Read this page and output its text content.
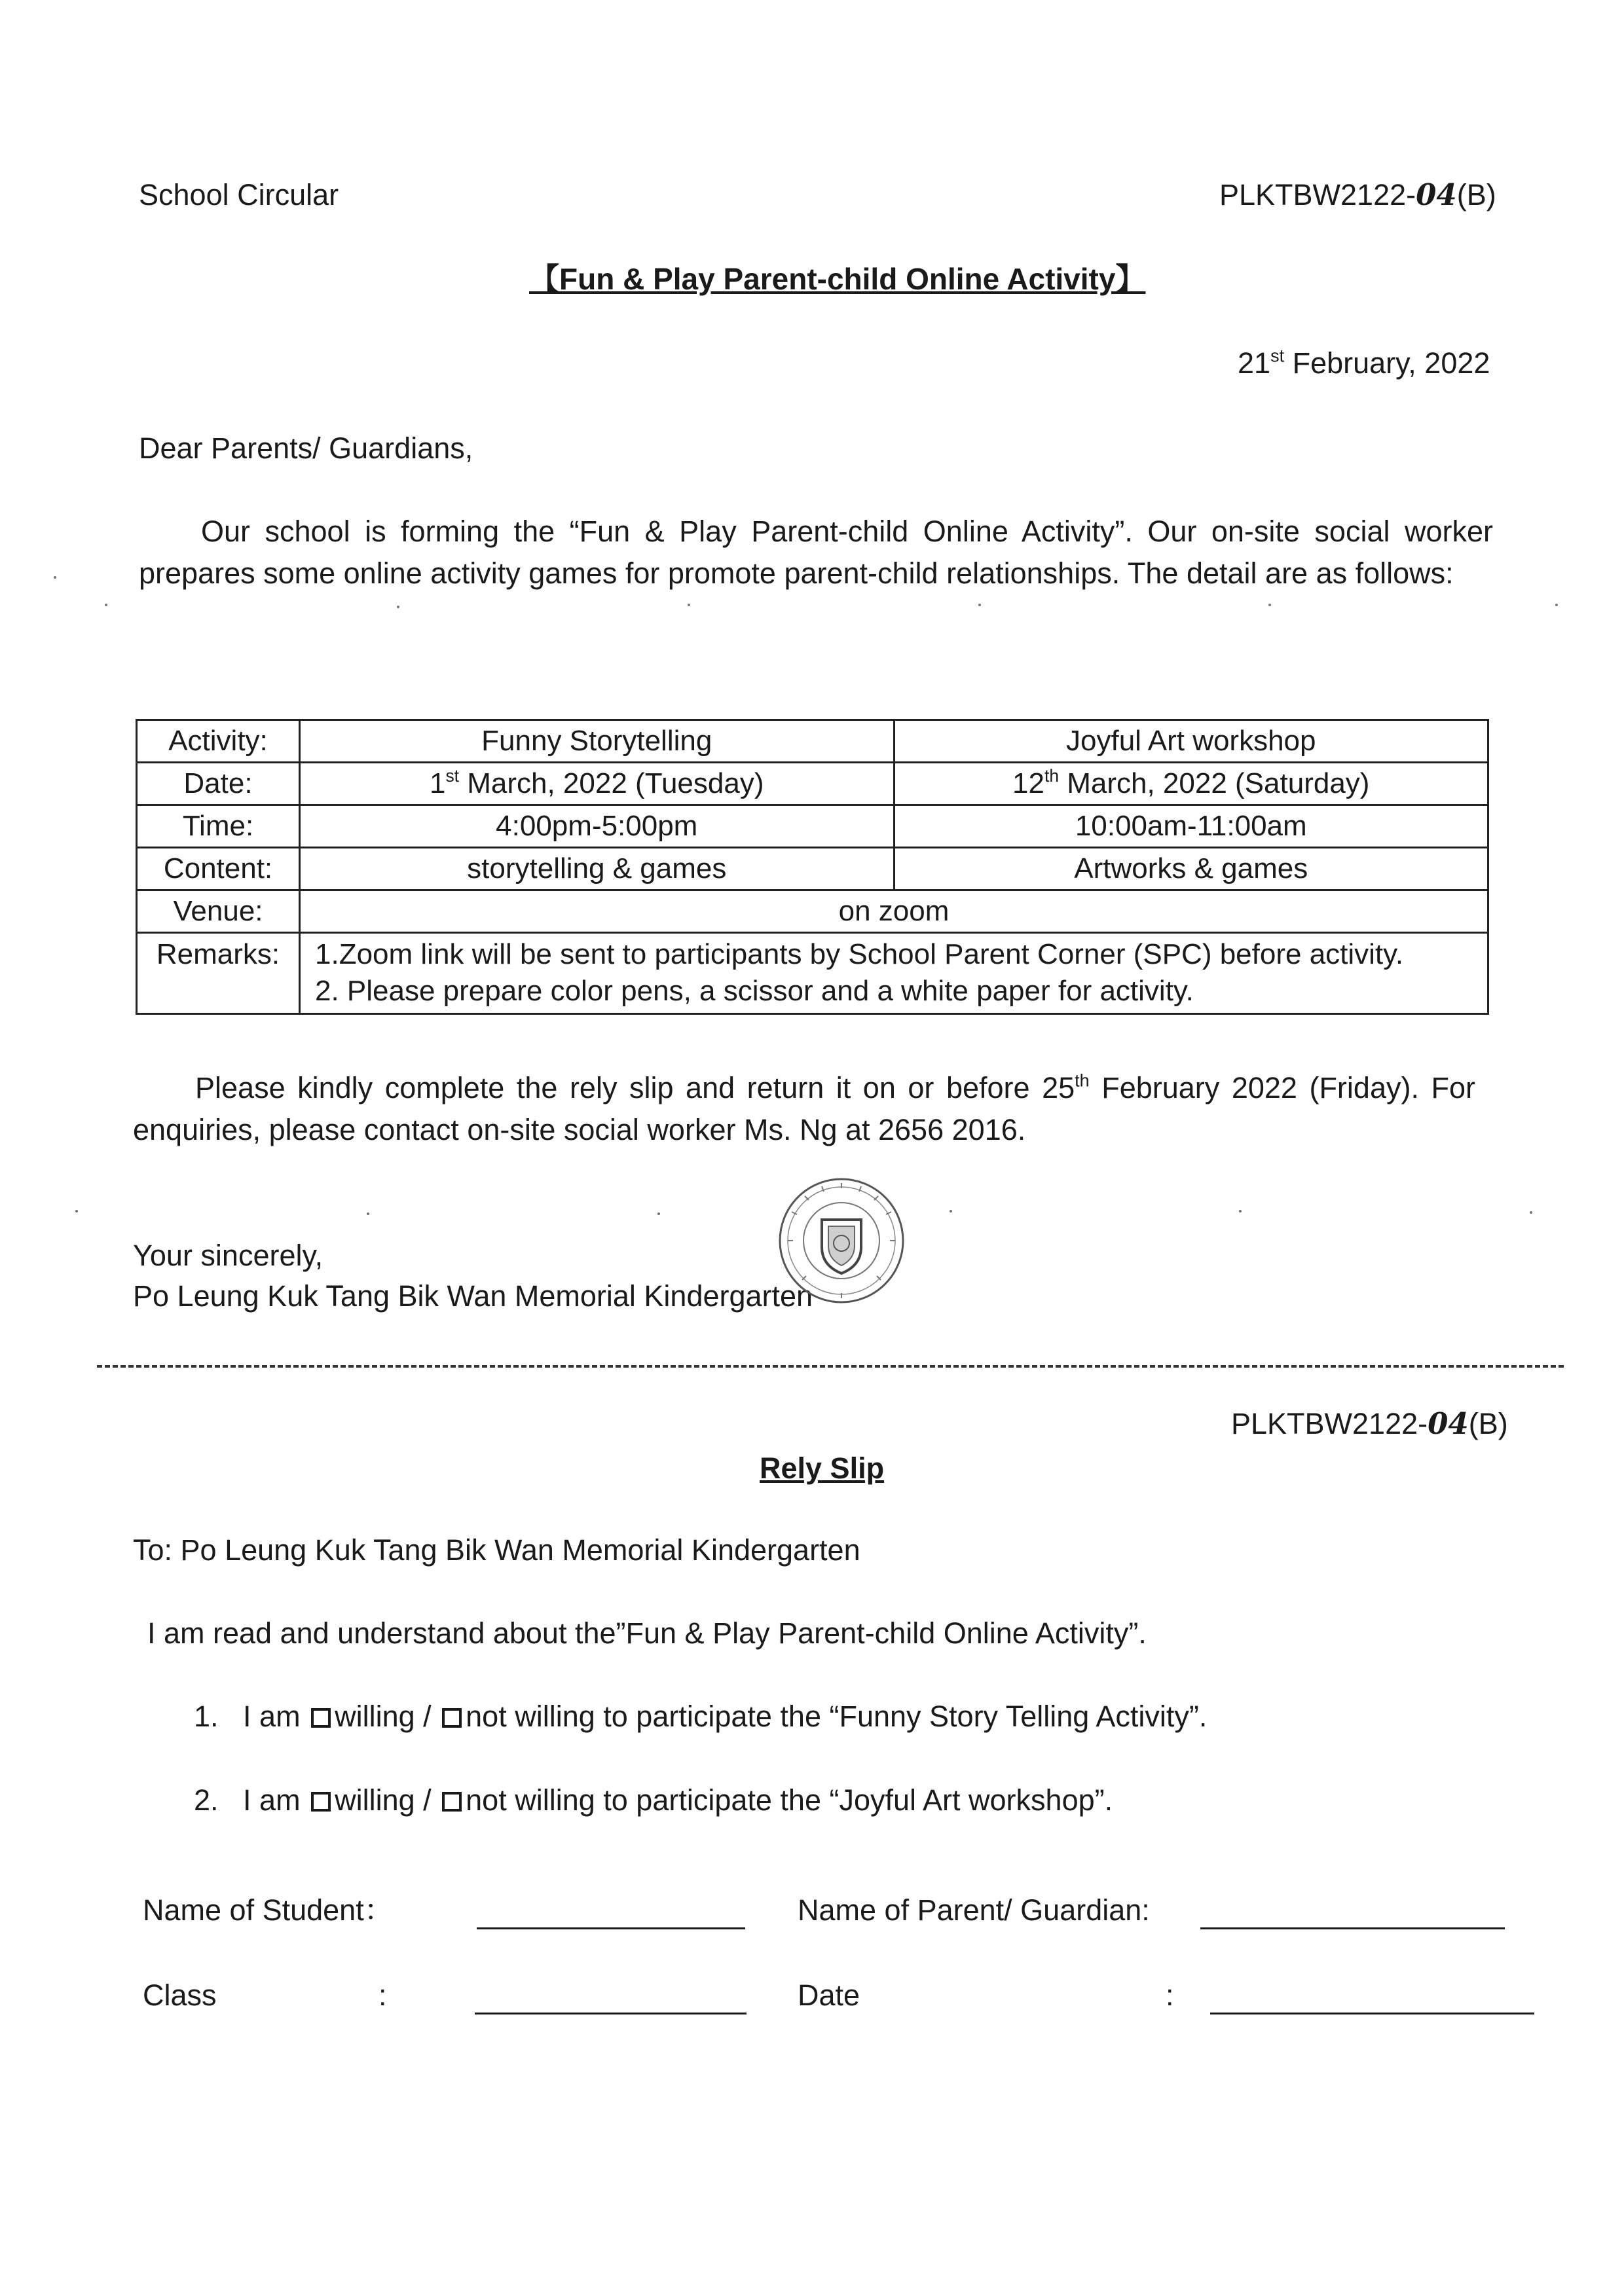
School Circular	PLKTBW2122-04(B)
【Fun & Play Parent-child Online Activity】
21st February, 2022
Dear Parents/ Guardians,
Our school is forming the “Fun & Play Parent-child Online Activity”. Our on-site social worker prepares some online activity games for promote parent-child relationships. The detail are as follows:
Activity:	Funny Storytelling	Joyful Art workshop
Date:	1st March, 2022 (Tuesday)	12th March, 2022 (Saturday)
Time:	4:00pm-5:00pm	10:00am-11:00am
Content:	storytelling & games	Artworks & games
Venue:	on zoom	
Remarks:	1.Zoom link will be sent to participants by School Parent Corner (SPC) before activity.
2. Please prepare color pens, a scissor and a white paper for activity.	
Please kindly complete the rely slip and return it on or before 25th February 2022 (Friday). For enquiries, please contact on-site social worker Ms. Ng at 2656 2016.
Your sincerely,
Po Leung Kuk Tang Bik Wan Memorial Kindergarten
PLKTBW2122-04(B)
Rely Slip
To: Po Leung Kuk Tang Bik Wan Memorial Kindergarten
I am read and understand about the”Fun & Play Parent-child Online Activity”.
1. I am willing / not willing to participate the “Funny Story Telling Activity”.
2. I am willing / not willing to participate the “Joyful Art workshop”.
Name of Student：	Name of Parent/ Guardian:
Class	:	Date	:
